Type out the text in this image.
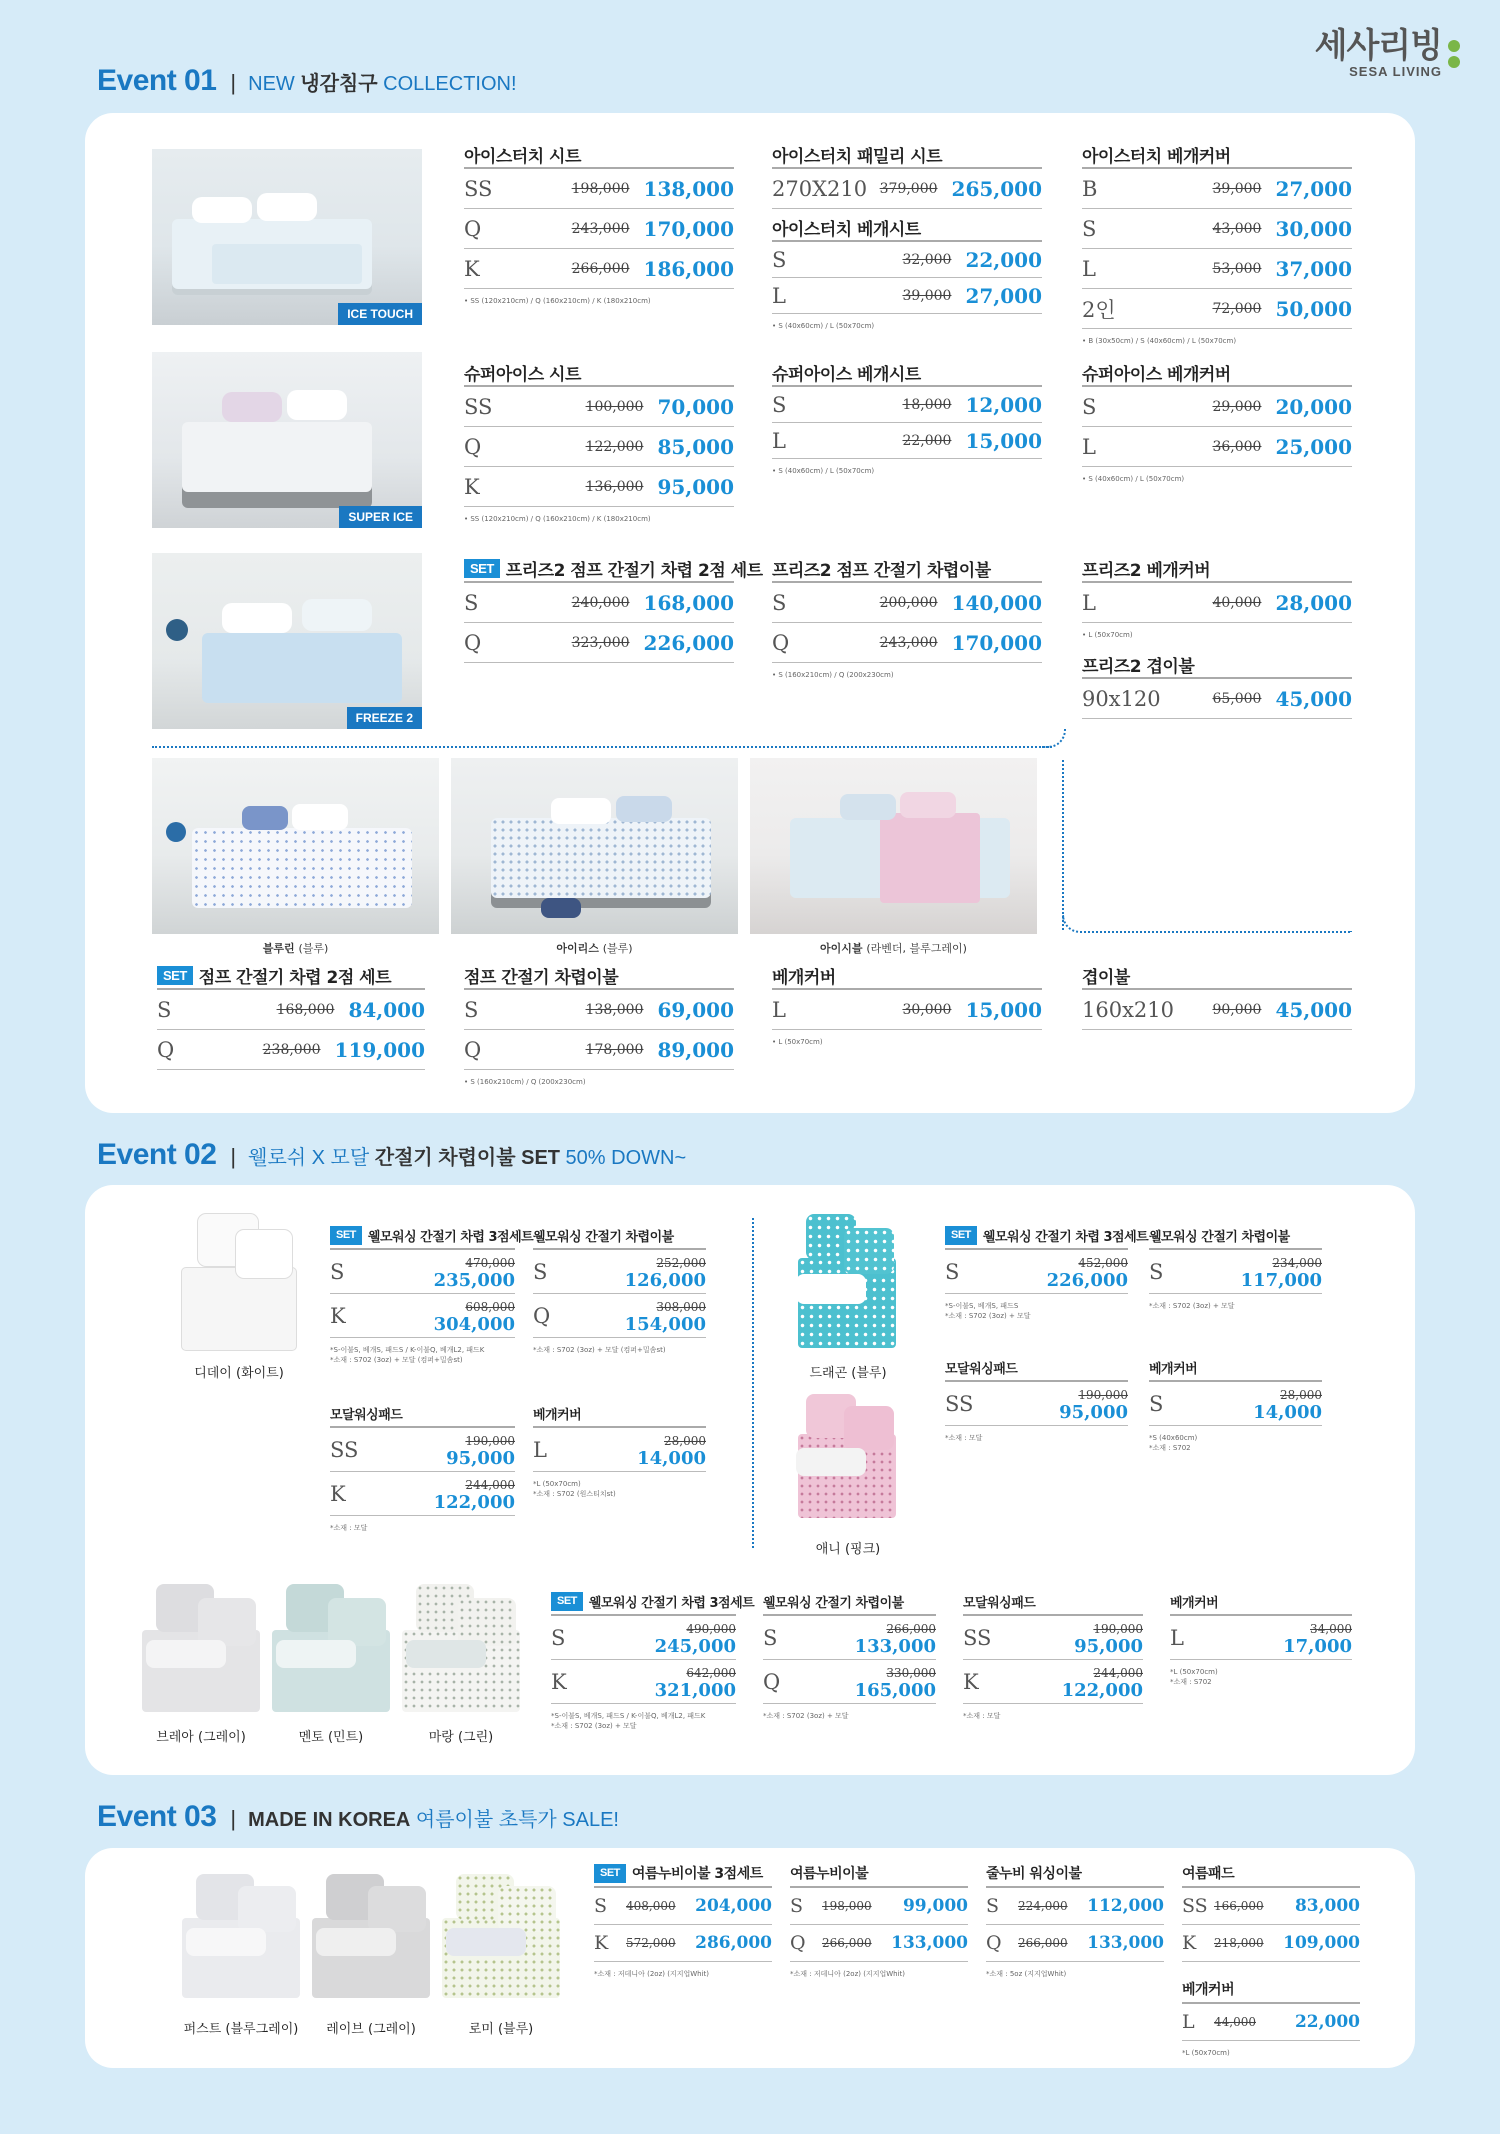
세사리빙
SESA LIVING
Event 01 | NEW 냉감침구 COLLECTION!
ICE TOUCH
SUPER ICE
FREEZE 2
블루린 (블루)	아이리스 (블루)	아이시블 (라벤더, 블루그레이)
아이스터치 시트
SS	198,000 138,000
Q	243,000 170,000
K	266,000 186,000
• SS (120x210cm) / Q (160x210cm) / K (180x210cm)
아이스터치 패밀리 시트
270X210 379,000 265,000
아이스터치 베개시트
S	32,000 22,000
L	39,000 27,000
• S (40x60cm) / L (50x70cm)
아이스터치 베개커버
B	39,000 27,000
S	43,000 30,000
L	53,000 37,000
2인	72,000 50,000
• B (30x50cm) / S (40x60cm) / L (50x70cm)
슈퍼아이스 시트
SS	100,000 70,000
Q	122,000 85,000
K	136,000 95,000
• SS (120x210cm) / Q (160x210cm) / K (180x210cm)
슈퍼아이스 베개시트
S	18,000 12,000
L	22,000 15,000
• S (40x60cm) / L (50x70cm)
슈퍼아이스 베개커버
S	29,000 20,000
L	36,000 25,000
• S (40x60cm) / L (50x70cm)
SET 프리즈2 점프 간절기 차렵 2점 세트
S	240,000 168,000
Q	323,000 226,000
프리즈2 점프 간절기 차렵이불
S	200,000 140,000
Q	243,000 170,000
• S (160x210cm) / Q (200x230cm)
프리즈2 베개커버
L	40,000 28,000
• L (50x70cm)
프리즈2 겹이불
90x120	65,000 45,000
SET 점프 간절기 차렵 2점 세트
S	168,000 84,000
Q	238,000 119,000
점프 간절기 차렵이불
S	138,000 69,000
Q	178,000 89,000
• S (160x210cm) / Q (200x230cm)
베개커버
L	30,000 15,000
• L (50x70cm)
겹이불
160x210	90,000 45,000
Event 02 | 웰로쉬 X 모달 간절기 차렵이불 SET 50% DOWN~
디데이 (화이트)	드래곤 (블루)
애니 (핑크)
브레아 (그레이)	멘토 (민트)	마랑 (그린)
SET 웰모워싱 간절기 차렵 3점세트
S	470,000
235,000
K	608,000
304,000
*S-이불S, 베개S, 패드S / K-이불Q, 베개L2, 패드K
*소재 : S702 (3oz) + 모달 (컴퍼+밀솜st)
웰모워싱 간절기 차렵이불
S	252,000
126,000
Q	308,000
154,000
*소재 : S702 (3oz) + 모달 (컴퍼+밀솜st)
모달워싱패드
SS	190,000
95,000
K	244,000
122,000
*소재 : 모달
베개커버
L	28,000
14,000
*L (50x70cm)
*소재 : S702 (원스티치st)
SET 웰모워싱 간절기 차렵 3점세트
S	452,000
226,000
*S-이불S, 베개S, 패드S
*소재 : S702 (3oz) + 모달
웰모워싱 간절기 차렵이불
S	234,000
117,000
*소재 : S702 (3oz) + 모달
모달워싱패드
SS	190,000
95,000
*소재 : 모달
베개커버
S	28,000
14,000
*S (40x60cm)
*소재 : S702
SET 웰모워싱 간절기 차렵 3점세트
S	490,000
245,000
K	642,000
321,000
*S-이불S, 베개S, 패드S / K-이불Q, 베개L2, 패드K
*소재 : S702 (3oz) + 모달
웰모워싱 간절기 차렵이불
S	266,000
133,000
Q	330,000
165,000
*소재 : S702 (3oz) + 모달
모달워싱패드
SS	190,000
95,000
K	244,000
122,000
*소재 : 모달
베개커버
L	34,000
17,000
*L (50x70cm)
*소재 : S702
Event 03 | MADE IN KOREA 여름이불 초특가 SALE!
퍼스트 (블루그레이)	레이브 (그레이)	로미 (블루)
SET 여름누비이불 3점세트
S	408,000 204,000
K	572,000 286,000
*소재 : 저데니아 (2oz) (지지업Whit)
여름누비이불
S	198,000 99,000
Q	266,000 133,000
*소재 : 저데니아 (2oz) (지지업Whit)
줄누비 워싱이불
S	224,000 112,000
Q	266,000 133,000
*소재 : 5oz (지지업Whit)
여름패드
SS 166,000 83,000
K	218,000 109,000
베개커버
L	44,000 22,000
*L (50x70cm)
